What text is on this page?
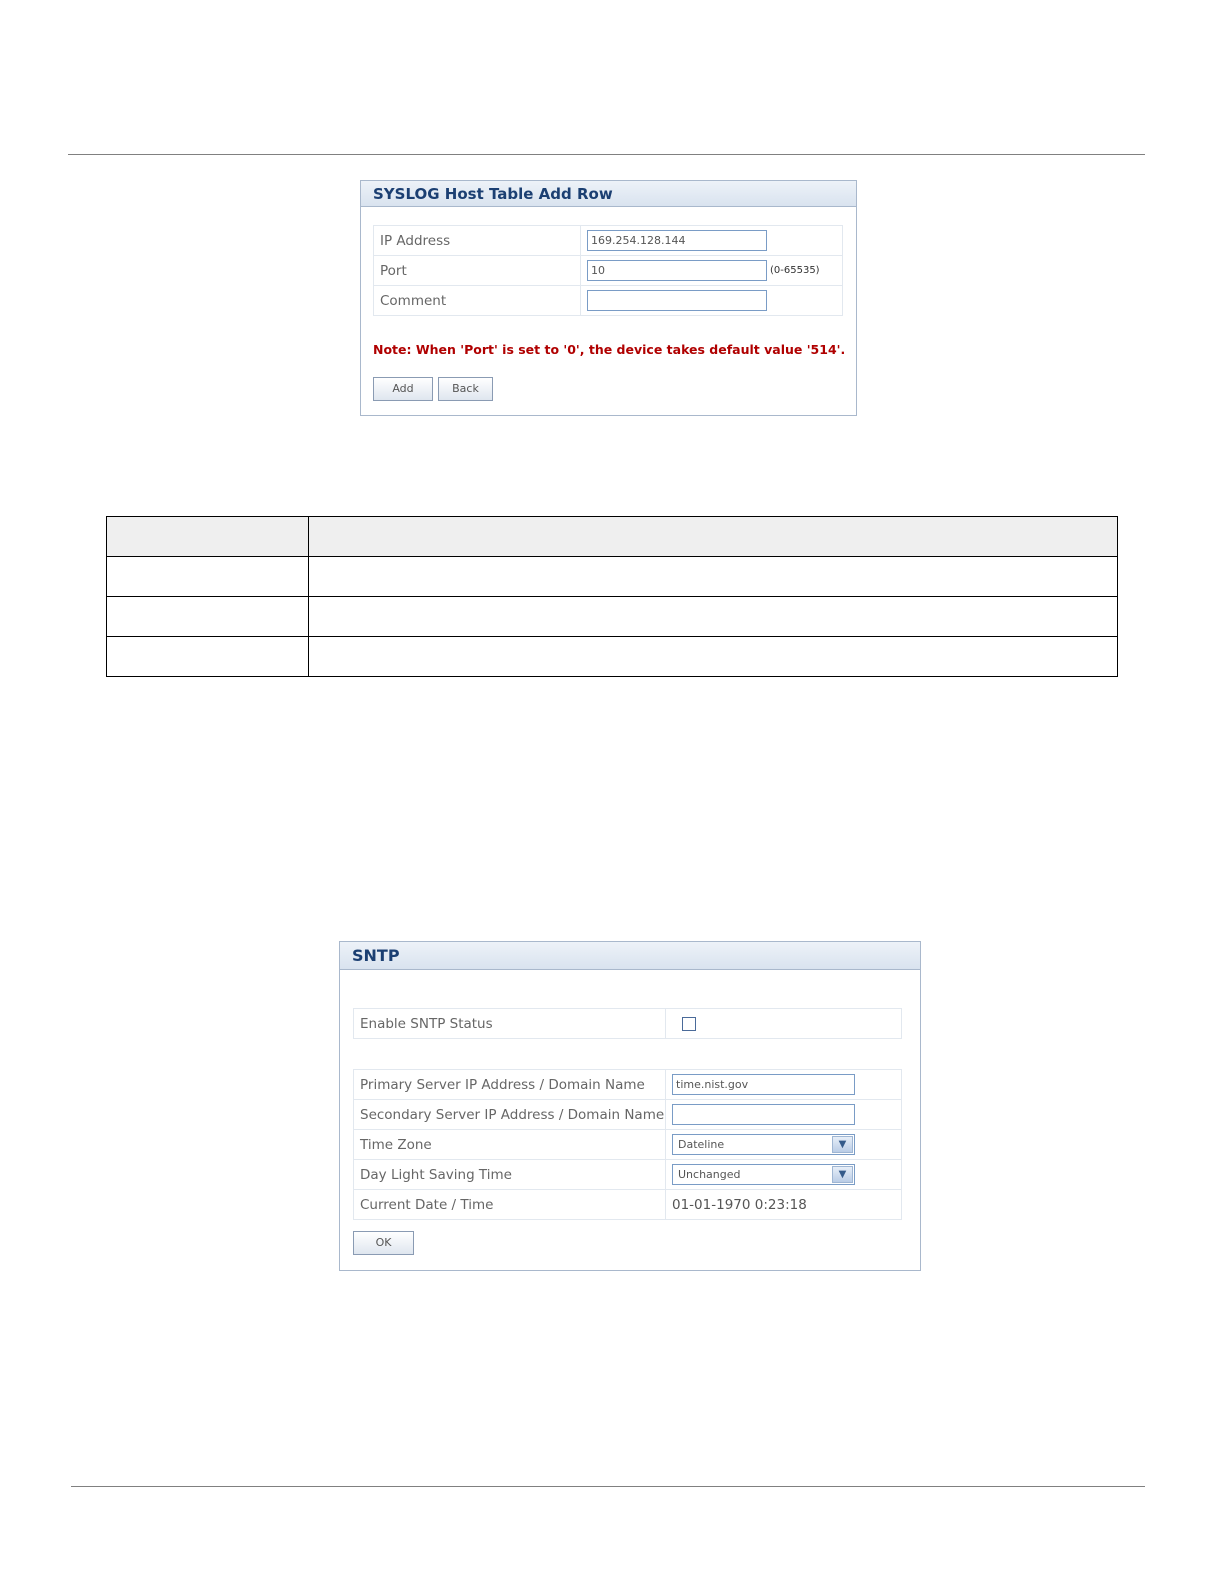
SYSLOG Host Table Add Row
IP Address	169.254.128.144
Port	10 (0-65535)
Comment	
Note: When 'Port' is set to '0', the device takes default value '514'.
Add	Back

SNTP
Enable SNTP Status	
Primary Server IP Address / Domain Name	time.nist.gov
Secondary Server IP Address / Domain Name	
Time Zone	Dateline ▼

Day Light Saving Time	Unchanged ▼

Current Date / Time	01-01-1970 0:23:18
OK
